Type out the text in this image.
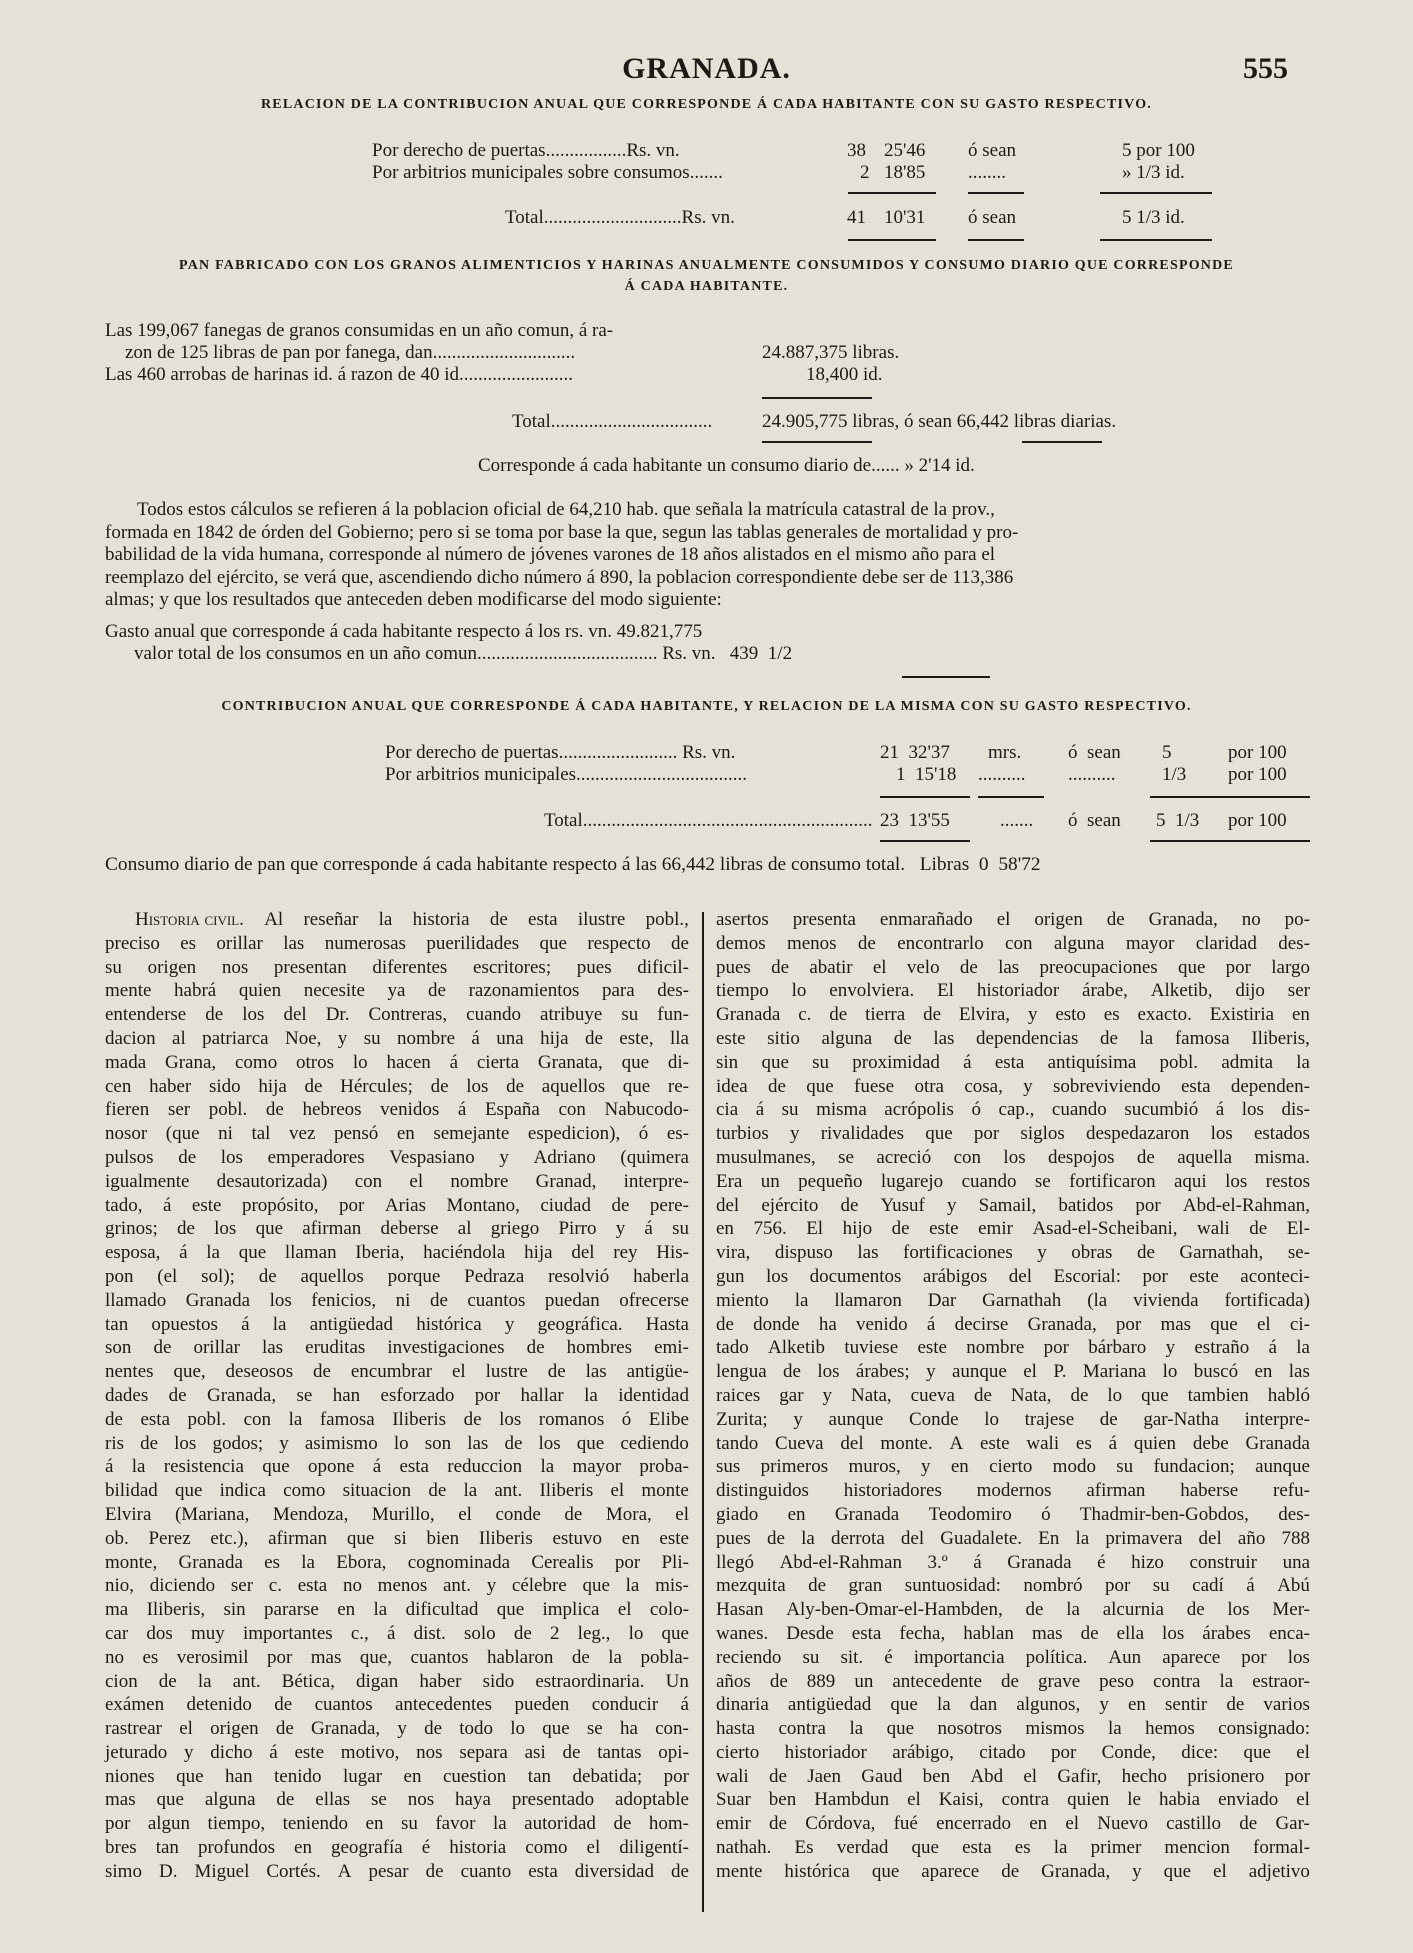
GRANADA.	555
RELACION DE LA CONTRIBUCION ANUAL QUE CORRESPONDE Á CADA HABITANTE CON SU GASTO RESPECTIVO.
Por derecho de puertas.................Rs. vn.	38 25'46 ó sean	5 por 100
Por arbitrios municipales sobre consumos.......	2 18'85 ........	» 1/3 id.
Total.............................Rs. vn.	41 10'31 ó sean	5 1/3 id.
PAN FABRICADO CON LOS GRANOS ALIMENTICIOS Y HARINAS ANUALMENTE CONSUMIDOS Y CONSUMO DIARIO QUE CORRESPONDE
Á CADA HABITANTE.
Las 199,067 fanegas de granos consumidas en un año comun, á ra-
zon de 125 libras de pan por fanega, dan..............................	24.887,375 libras.
Las 460 arrobas de harinas id. á razon de 40 id........................	18,400 id.
Total..................................	24.905,775 libras, ó sean 66,442 libras diarias.
Corresponde á cada habitante un consumo diario de...... » 2'14 id.

Todos estos cálculos se refieren á la poblacion oficial de 64,210 hab. que señala la matrícula catastral de la prov.,

formada en 1842 de órden del Gobierno; pero si se toma por base la que, segun las tablas generales de mortalidad y pro-

babilidad de la vida humana, corresponde al número de jóvenes varones de 18 años alistados en el mismo año para el

reemplazo del ejército, se verá que, ascendiendo dicho número á 890, la poblacion correspondiente debe ser de 113,386

almas; y que los resultados que anteceden deben modificarse del modo siguiente:

Gasto anual que corresponde á cada habitante respecto á los rs. vn. 49.821,775
valor total de los consumos en un año comun...................................... Rs. vn.   439  1/2
CONTRIBUCION ANUAL QUE CORRESPONDE Á CADA HABITANTE, Y RELACION DE LA MISMA CON SU GASTO RESPECTIVO.
Por derecho de puertas......................... Rs. vn.	21  32'37 mrs. ó  sean 5	por 100
Por arbitrios municipales....................................	1  15'18 .......... .......... 1/3 por 100
Total............................................................. 23  13'55	....... ó  sean 5  1/3 por 100
Consumo diario de pan que corresponde á cada habitante respecto á las 66,442 libras de consumo total.   Libras  0  58'72
Historia civil. Al reseñar la historia de esta ilustre pobl.,
preciso es orillar las numerosas puerilidades que respecto de
su origen nos presentan diferentes escritores; pues dificil-
mente habrá quien necesite ya de razonamientos para des-
entenderse de los del Dr. Contreras, cuando atribuye su fun-
dacion al patriarca Noe, y su nombre á una hija de este, lla
mada Grana, como otros lo hacen á cierta Granata, que di-
cen haber sido hija de Hércules; de los de aquellos que re-
fieren ser pobl. de hebreos venidos á España con Nabucodo-
nosor (que ni tal vez pensó en semejante espedicion), ó es-
pulsos de los emperadores Vespasiano y Adriano (quimera
igualmente desautorizada) con el nombre Granad, interpre-
tado, á este propósito, por Arias Montano, ciudad de pere-
grinos; de los que afirman deberse al griego Pirro y á su
esposa, á la que llaman Iberia, haciéndola hija del rey His-
pon (el sol); de aquellos porque Pedraza resolvió haberla
llamado Granada los fenicios, ni de cuantos puedan ofrecerse
tan opuestos á la antigüedad histórica y geográfica. Hasta
son de orillar las eruditas investigaciones de hombres emi-
nentes que, deseosos de encumbrar el lustre de las antigüe-
dades de Granada, se han esforzado por hallar la identidad
de esta pobl. con la famosa Iliberis de los romanos ó Elibe
ris de los godos; y asimismo lo son las de los que cediendo
á la resistencia que opone á esta reduccion la mayor proba-
bilidad que indica como situacion de la ant. Iliberis el monte
Elvira (Mariana, Mendoza, Murillo, el conde de Mora, el
ob. Perez etc.), afirman que si bien Iliberis estuvo en este
monte, Granada es la Ebora, cognominada Cerealis por Pli-
nio, diciendo ser c. esta no menos ant. y célebre que la mis-
ma Iliberis, sin pararse en la dificultad que implica el colo-
car dos muy importantes c., á dist. solo de 2 leg., lo que
no es verosimil por mas que, cuantos hablaron de la pobla-
cion de la ant. Bética, digan haber sido estraordinaria. Un
exámen detenido de cuantos antecedentes pueden conducir á
rastrear el origen de Granada, y de todo lo que se ha con-
jeturado y dicho á este motivo, nos separa asi de tantas opi-
niones que han tenido lugar en cuestion tan debatida; por
mas que alguna de ellas se nos haya presentado adoptable
por algun tiempo, teniendo en su favor la autoridad de hom-
bres tan profundos en geografía é historia como el diligentí-
simo D. Miguel Cortés. A pesar de cuanto esta diversidad de
asertos presenta enmarañado el origen de Granada, no po-
demos menos de encontrarlo con alguna mayor claridad des-
pues de abatir el velo de las preocupaciones que por largo
tiempo lo envolviera. El historiador árabe, Alketib, dijo ser
Granada c. de tierra de Elvira, y esto es exacto. Existiria en
este sitio alguna de las dependencias de la famosa Iliberis,
sin que su proximidad á esta antiquísima pobl. admita la
idea de que fuese otra cosa, y sobreviviendo esta dependen-
cia á su misma acrópolis ó cap., cuando sucumbió á los dis-
turbios y rivalidades que por siglos despedazaron los estados
musulmanes, se acreció con los despojos de aquella misma.
Era un pequeño lugarejo cuando se fortificaron aqui los restos
del ejército de Yusuf y Samail, batidos por Abd-el-Rahman,
en 756. El hijo de este emir Asad-el-Scheibani, wali de El-
vira, dispuso las fortificaciones y obras de Garnathah, se-
gun los documentos arábigos del Escorial: por este aconteci-
miento la llamaron Dar Garnathah (la vivienda fortificada)
de donde ha venido á decirse Granada, por mas que el ci-
tado Alketib tuviese este nombre por bárbaro y estraño á la
lengua de los árabes; y aunque el P. Mariana lo buscó en las
raices gar y Nata, cueva de Nata, de lo que tambien habló
Zurita; y aunque Conde lo trajese de gar-Natha interpre-
tando Cueva del monte. A este wali es á quien debe Granada
sus primeros muros, y en cierto modo su fundacion; aunque
distinguidos historiadores modernos afirman haberse refu-
giado en Granada Teodomiro ó Thadmir-ben-Gobdos, des-
pues de la derrota del Guadalete. En la primavera del año 788
llegó Abd-el-Rahman 3.º á Granada é hizo construir una
mezquita de gran suntuosidad: nombró por su cadí á Abú
Hasan Aly-ben-Omar-el-Hambden, de la alcurnia de los Mer-
wanes. Desde esta fecha, hablan mas de ella los árabes enca-
reciendo su sit. é importancia política. Aun aparece por los
años de 889 un antecedente de grave peso contra la estraor-
dinaria antigüedad que la dan algunos, y en sentir de varios
hasta contra la que nosotros mismos la hemos consignado:
cierto historiador arábigo, citado por Conde, dice: que el
wali de Jaen Gaud ben Abd el Gafir, hecho prisionero por
Suar ben Hambdun el Kaisi, contra quien le habia enviado el
emir de Córdova, fué encerrado en el Nuevo castillo de Gar-
nathah. Es verdad que esta es la primer mencion formal-
mente histórica que aparece de Granada, y que el adjetivo
